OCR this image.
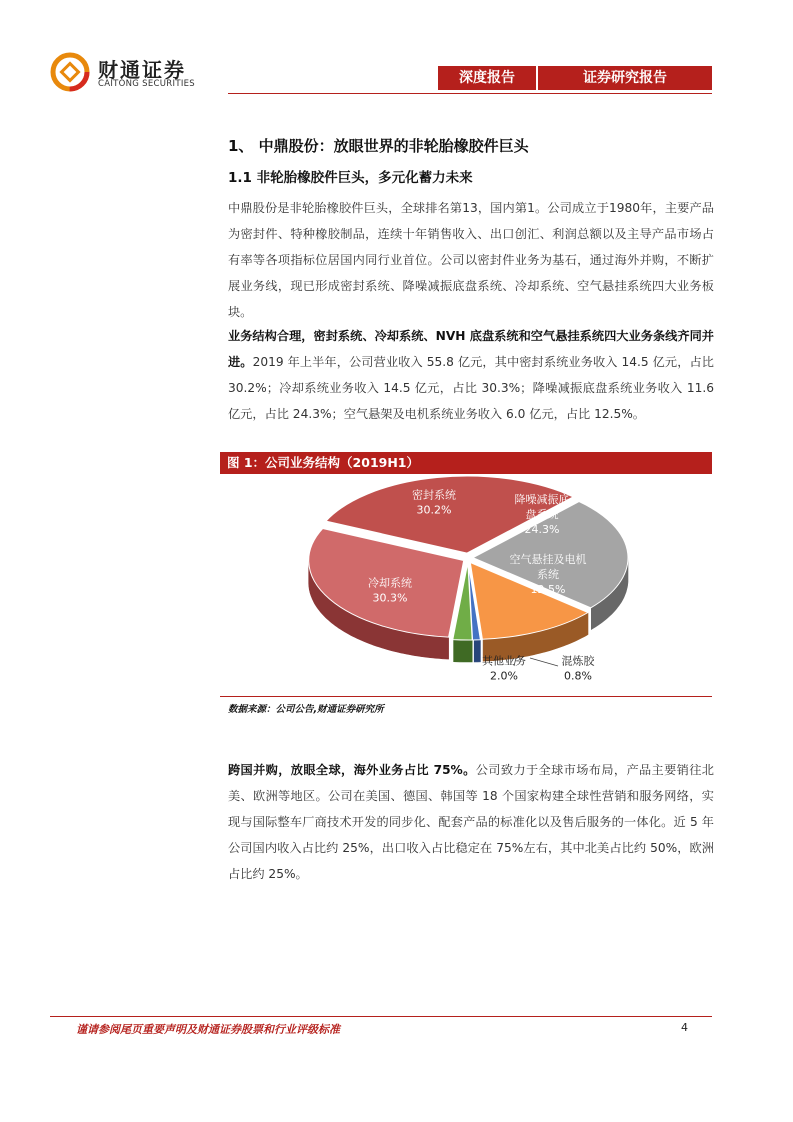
财通证券
CAITONG SECURITIES	深度报告	证券研究报告
1、 中鼎股份：放眼世界的非轮胎橡胶件巨头
1.1 非轮胎橡胶件巨头，多元化蓄力未来
中鼎股份是非轮胎橡胶件巨头，全球排名第13，国内第1。公司成立于1980年，主要产品为密封件、特种橡胶制品，连续十年销售收入、出口创汇、利润总额以及主导产品市场占有率等各项指标位居国内同行业首位。公司以密封件业务为基石，通过海外并购，不断扩展业务线，现已形成密封系统、降噪减振底盘系统、冷却系统、空气悬挂系统四大业务板块。
业务结构合理，密封系统、冷却系统、NVH 底盘系统和空气悬挂系统四大业务条线齐同并进。2019 年上半年，公司营业收入 55.8 亿元，其中密封系统业务收入 14.5 亿元，占比 30.2%；冷却系统业务收入 14.5 亿元，占比 30.3%；降噪减振底盘系统业务收入 11.6 亿元，占比 24.3%；空气悬架及电机系统业务收入 6.0 亿元，占比 12.5%。
图 1：公司业务结构（2019H1）
密封系统
30.2%
降噪减振底
盘系统
24.3%
空气悬挂及电机
系统
12.5%
混炼胶
0.8%
其他业务
2.0%
冷却系统
30.3%
数据来源：公司公告,财通证券研究所
跨国并购，放眼全球，海外业务占比 75%。公司致力于全球市场布局，产品主要销往北美、欧洲等地区。公司在美国、德国、韩国等 18 个国家构建全球性营销和服务网络，实现与国际整车厂商技术开发的同步化、配套产品的标准化以及售后服务的一体化。近 5 年公司国内收入占比约 25%，出口收入占比稳定在 75%左右，其中北美占比约 50%，欧洲占比约 25%。
谨请参阅尾页重要声明及财通证券股票和行业评级标准	4
